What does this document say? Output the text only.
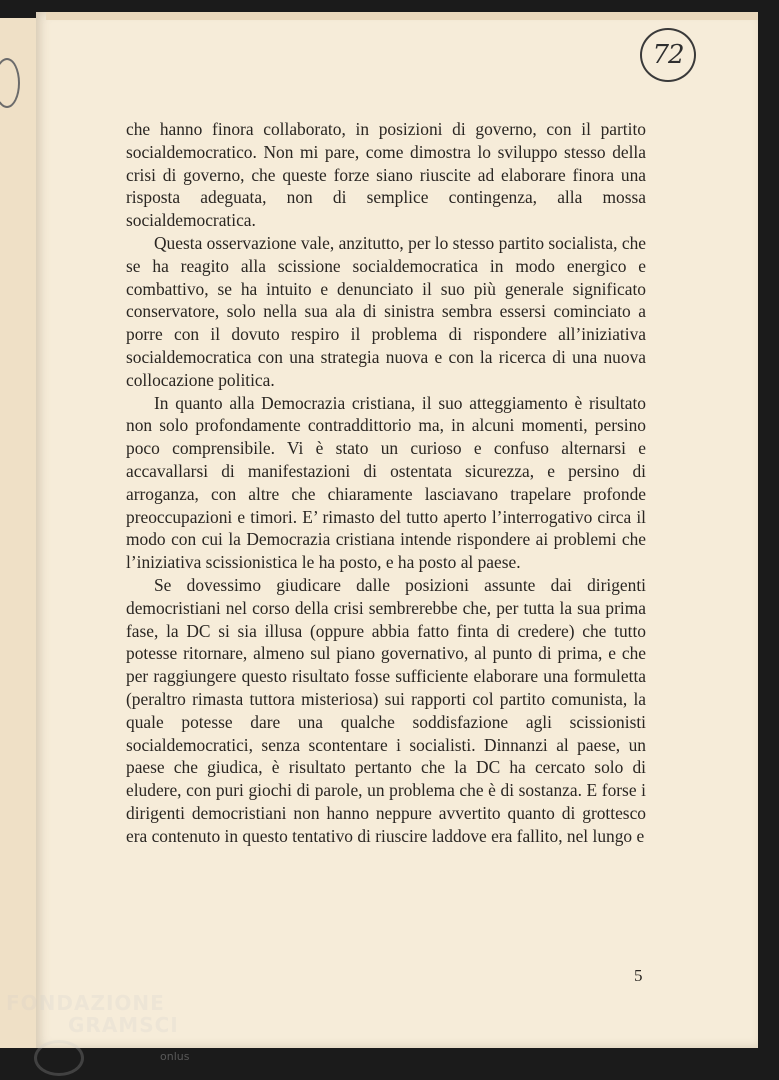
72

che hanno finora collaborato, in posizioni di governo, con il partito socialdemocratico. Non mi pare, come dimostra lo sviluppo stesso della crisi di governo, che queste forze siano riuscite ad elaborare finora una risposta adeguata, non di semplice contingenza, alla mossa socialdemocratica.

Questa osservazione vale, anzitutto, per lo stesso partito socialista, che se ha reagito alla scissione socialdemocratica in modo energico e combattivo, se ha intuito e denunciato il suo più generale significato conservatore, solo nella sua ala di sinistra sembra essersi cominciato a porre con il dovuto respiro il problema di rispondere all’iniziativa socialdemocratica con una strategia nuova e con la ricerca di una nuova collocazione politica.

In quanto alla Democrazia cristiana, il suo atteggiamento è risultato non solo profondamente contraddittorio ma, in alcuni momenti, persino poco comprensibile. Vi è stato un curioso e confuso alternarsi e accavallarsi di manifestazioni di ostentata sicurezza, e persino di arroganza, con altre che chiaramente lasciavano trapelare profonde preoccupazioni e timori. E’ rimasto del tutto aperto l’interrogativo circa il modo con cui la Democrazia cristiana intende rispondere ai problemi che l’iniziativa scissionistica le ha posto, e ha posto al paese.

Se dovessimo giudicare dalle posizioni assunte dai dirigenti democristiani nel corso della crisi sembrerebbe che, per tutta la sua prima fase, la DC si sia illusa (oppure abbia fatto finta di credere) che tutto potesse ritornare, almeno sul piano governativo, al punto di prima, e che per raggiungere questo risultato fosse sufficiente elaborare una formuletta (peraltro rimasta tuttora misteriosa) sui rapporti col partito comunista, la quale potesse dare una qualche soddisfazione agli scissionisti socialdemocratici, senza scontentare i socialisti. Dinnanzi al paese, un paese che giudica, è risultato pertanto che la DC ha cercato solo di eludere, con puri giochi di parole, un problema che è di sostanza. E forse i dirigenti democristiani non hanno neppure avvertito quanto di grottesco era contenuto in questo tentativo di riuscire laddove era fallito, nel lungo e

5
FONDAZIONE
GRAMSCI
onlus
